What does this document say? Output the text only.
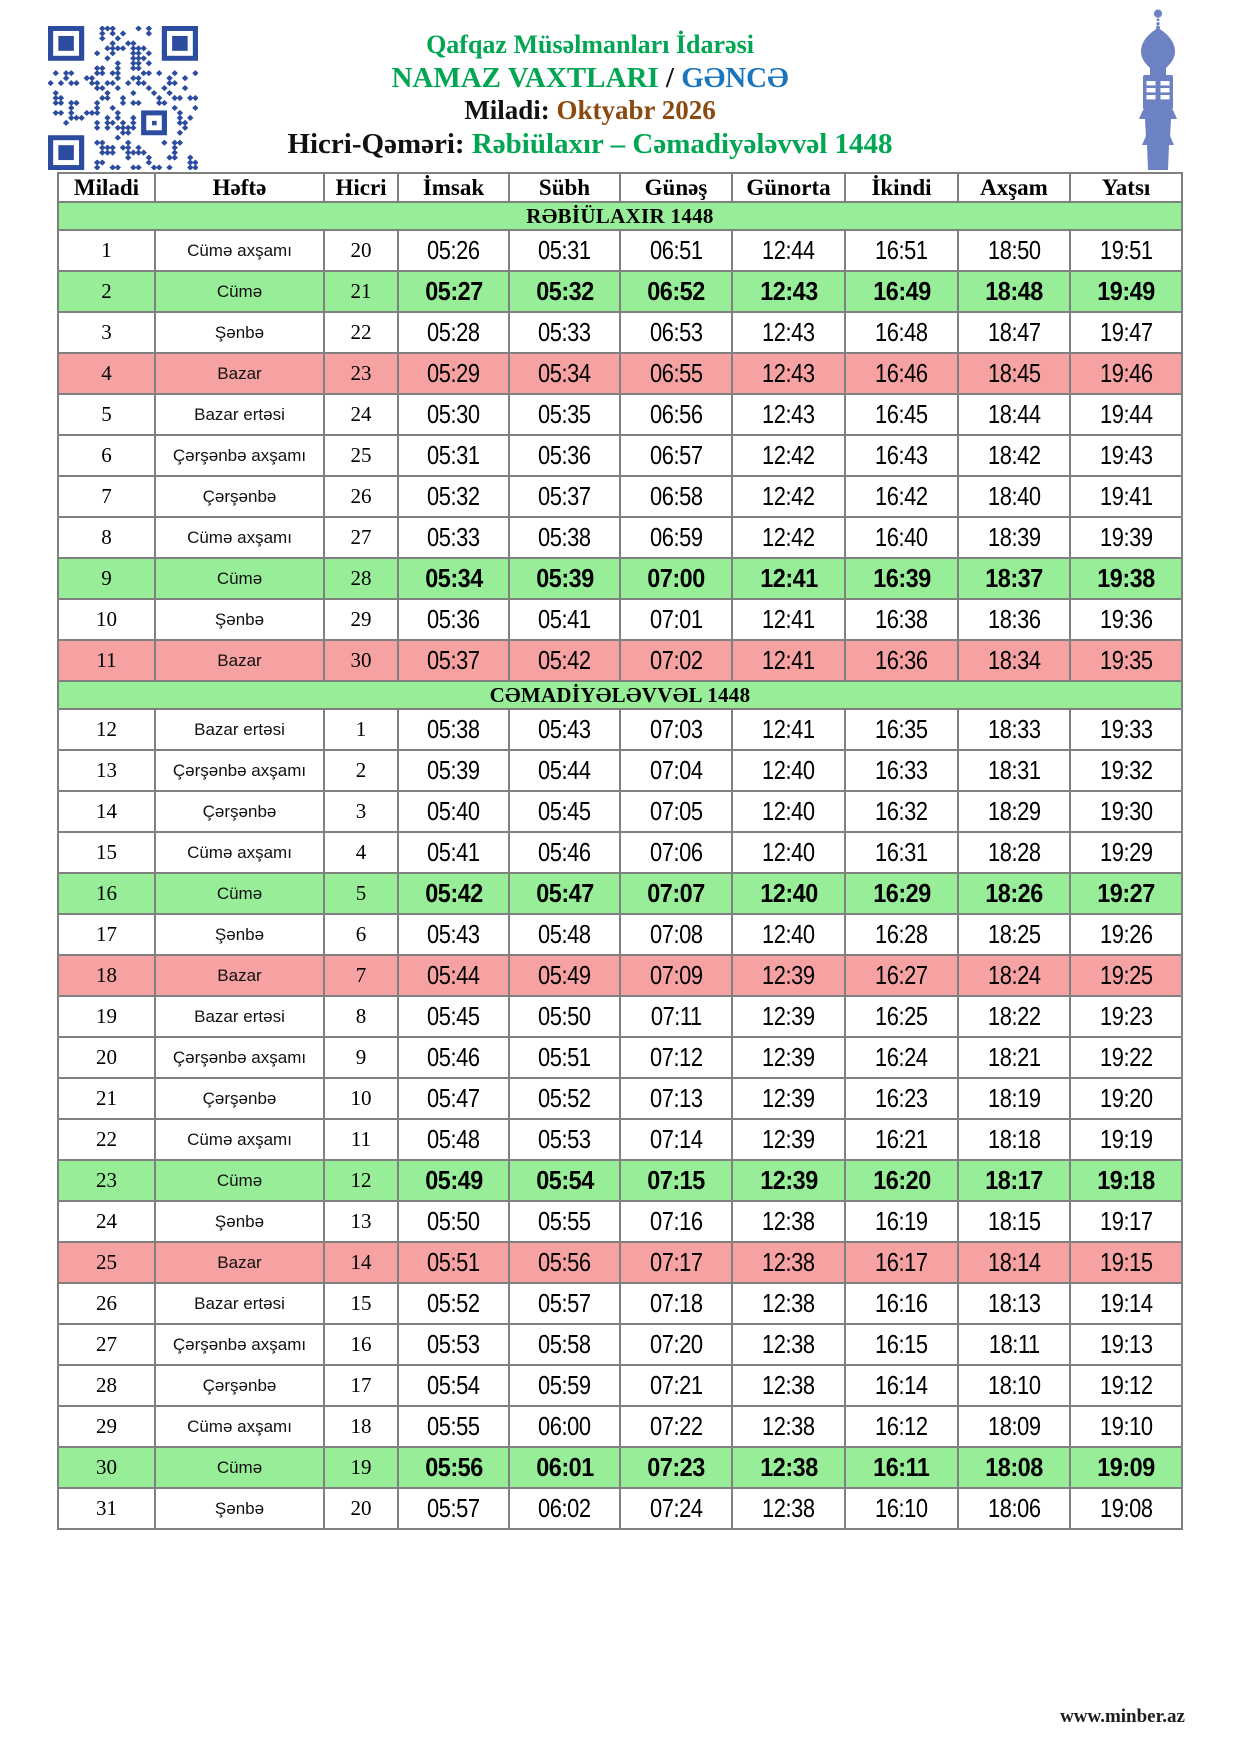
Qafqaz Müsəlmanları İdarəsi
NAMAZ VAXTLARI / GƏNCƏ
Miladi: Oktyabr 2026
Hicri-Qəməri: Rəbiülaxır – Cəmadiyələvvəl 1448
Miladi	Həftə	Hicri	İmsak	Sübh	Günəş	Günorta	İkindi	Axşam	Yatsı
RƏBİÜLAXIR 1448									
1	Cümə axşamı	20	05:26	05:31	06:51	12:44	16:51	18:50	19:51
2	Cümə	21	05:27	05:32	06:52	12:43	16:49	18:48	19:49
3	Şənbə	22	05:28	05:33	06:53	12:43	16:48	18:47	19:47
4	Bazar	23	05:29	05:34	06:55	12:43	16:46	18:45	19:46
5	Bazar ertəsi	24	05:30	05:35	06:56	12:43	16:45	18:44	19:44
6	Çərşənbə axşamı	25	05:31	05:36	06:57	12:42	16:43	18:42	19:43
7	Çərşənbə	26	05:32	05:37	06:58	12:42	16:42	18:40	19:41
8	Cümə axşamı	27	05:33	05:38	06:59	12:42	16:40	18:39	19:39
9	Cümə	28	05:34	05:39	07:00	12:41	16:39	18:37	19:38
10	Şənbə	29	05:36	05:41	07:01	12:41	16:38	18:36	19:36
11	Bazar	30	05:37	05:42	07:02	12:41	16:36	18:34	19:35
CƏMADİYƏLƏVVƏL 1448									
12	Bazar ertəsi	1	05:38	05:43	07:03	12:41	16:35	18:33	19:33
13	Çərşənbə axşamı	2	05:39	05:44	07:04	12:40	16:33	18:31	19:32
14	Çərşənbə	3	05:40	05:45	07:05	12:40	16:32	18:29	19:30
15	Cümə axşamı	4	05:41	05:46	07:06	12:40	16:31	18:28	19:29
16	Cümə	5	05:42	05:47	07:07	12:40	16:29	18:26	19:27
17	Şənbə	6	05:43	05:48	07:08	12:40	16:28	18:25	19:26
18	Bazar	7	05:44	05:49	07:09	12:39	16:27	18:24	19:25
19	Bazar ertəsi	8	05:45	05:50	07:11	12:39	16:25	18:22	19:23
20	Çərşənbə axşamı	9	05:46	05:51	07:12	12:39	16:24	18:21	19:22
21	Çərşənbə	10	05:47	05:52	07:13	12:39	16:23	18:19	19:20
22	Cümə axşamı	11	05:48	05:53	07:14	12:39	16:21	18:18	19:19
23	Cümə	12	05:49	05:54	07:15	12:39	16:20	18:17	19:18
24	Şənbə	13	05:50	05:55	07:16	12:38	16:19	18:15	19:17
25	Bazar	14	05:51	05:56	07:17	12:38	16:17	18:14	19:15
26	Bazar ertəsi	15	05:52	05:57	07:18	12:38	16:16	18:13	19:14
27	Çərşənbə axşamı	16	05:53	05:58	07:20	12:38	16:15	18:11	19:13
28	Çərşənbə	17	05:54	05:59	07:21	12:38	16:14	18:10	19:12
29	Cümə axşamı	18	05:55	06:00	07:22	12:38	16:12	18:09	19:10
30	Cümə	19	05:56	06:01	07:23	12:38	16:11	18:08	19:09
31	Şənbə	20	05:57	06:02	07:24	12:38	16:10	18:06	19:08
www.minber.az
